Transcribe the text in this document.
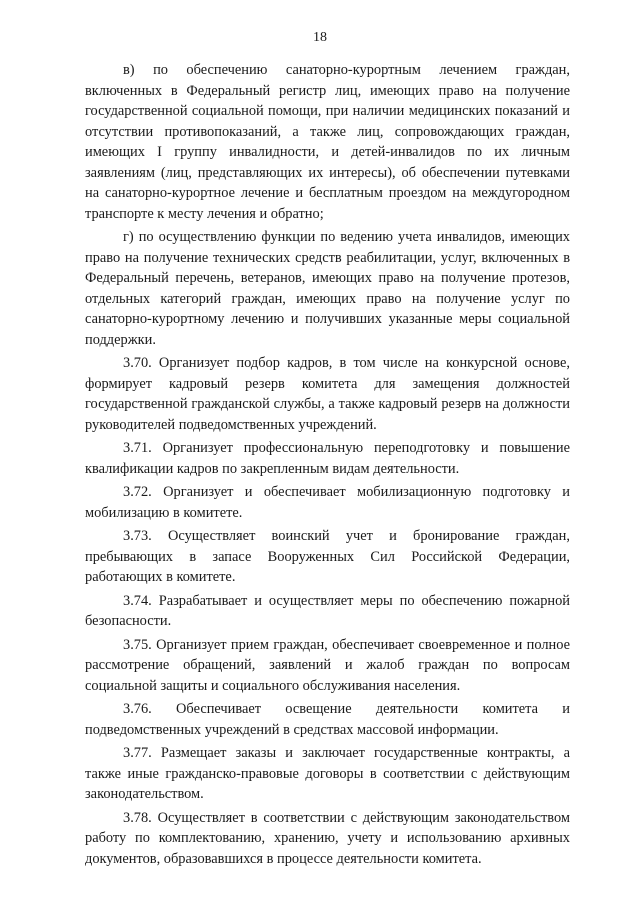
18

в) по обеспечению санаторно-курортным лечением граждан, включенных в Федеральный регистр лиц, имеющих право на получение государственной социальной помощи, при наличии медицинских показаний и отсутствии противопоказаний, а также лиц, сопровождающих граждан, имеющих I группу инвалидности, и детей-инвалидов по их личным заявлениям (лиц, представляющих их интересы), об обеспечении путевками на санаторно-курортное лечение и бесплатным проездом на междугородном транспорте к месту лечения и обратно;

г) по осуществлению функции по ведению учета инвалидов, имеющих право на получение технических средств реабилитации, услуг, включенных в Федеральный перечень, ветеранов, имеющих право на получение протезов, отдельных категорий граждан, имеющих право на получение услуг по санаторно-курортному лечению и получивших указанные меры социальной поддержки.

3.70. Организует подбор кадров, в том числе на конкурсной основе, формирует кадровый резерв комитета для замещения должностей государственной гражданской службы, а также кадровый резерв на должности руководителей подведомственных учреждений.

3.71. Организует профессиональную переподготовку и повышение квалификации кадров по закрепленным видам деятельности.

3.72. Организует и обеспечивает мобилизационную подготовку и мобилизацию в комитете.

3.73. Осуществляет воинский учет и бронирование граждан, пребывающих в запасе Вооруженных Сил Российской Федерации, работающих в комитете.

3.74. Разрабатывает и осуществляет меры по обеспечению пожарной безопасности.

3.75. Организует прием граждан, обеспечивает своевременное и полное рассмотрение обращений, заявлений и жалоб граждан по вопросам социальной защиты и социального обслуживания населения.

3.76. Обеспечивает освещение деятельности комитета и подведомственных учреждений в средствах массовой информации.

3.77. Размещает заказы и заключает государственные контракты, а также иные гражданско-правовые договоры в соответствии с действующим законодательством.

3.78. Осуществляет в соответствии с действующим законодательством работу по комплектованию, хранению, учету и использованию архивных документов, образовавшихся в процессе деятельности комитета.
